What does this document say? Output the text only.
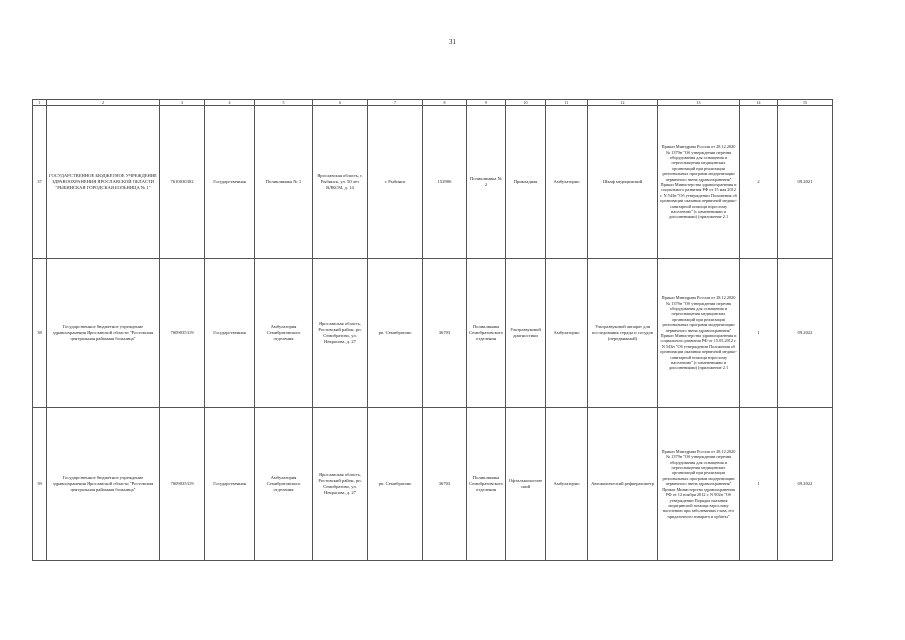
31
1	2	3	4	5	6	7	8	9	10	11	12	13	14	15
37	ГОСУДАРСТВЕННОЕ БЮДЖЕТНОЕ УЧРЕЖДЕНИЕ ЗДРАВООХРАНЕНИЯ ЯРОСЛАВСКОЙ ОБЛАСТИ "РЫБИНСКАЯ ГОРОДСКАЯ БОЛЬНИЦА № 1"	7610030302	Государственная	Поликлиника № 1	Ярославская область, г. Рыбинск, ул. 50 лет ВЛКСМ, д. 14	г. Рыбинск	152906	Поликлиника № 2	Прикладная	Амбулаторно	Шкаф медицинский	Приказ Минздрава России от 28.12.2020 № 1379н "Об утверждении перечня оборудования для оснащения и переоснащения медицинских организаций при реализации региональных программ модернизации первичного звена здравоохранения" Приказ Министерства здравоохранения и социального развития РФ от 15 мая 2012 г. N 543н "Об утверждении Положения об организации оказания первичной медико-санитарной помощи взрослому населению" (с изменениями и дополнениями) (приложение 2.1	2	09.2021
38	Государственное бюджетное учреждение здравоохранения Ярославской области "Ростовская центральная районная больница"	7609035319	Государственная	Амбулатория Семибратовского отделения	Ярославская область, Ростовский район, рп. Семибратово, ул. Некрасова, д. 27	рп. Семибратово	36703	Поликлиника Семибратовского отделения	Ультразвуковой диагностики	Амбулаторно	Ультразвуковой аппарат для исследования сердца и сосудов (передвижной)	Приказ Минздрава России от 28.12.2020 № 1379н "Об утверждении перечня оборудования для оснащения и переоснащения медицинских организаций при реализации региональных программ модернизации первичного звена здравоохранения" Приказ Министерства здравоохранения и социального развития РФ от 15.05.2012 г. N 543н "Об утверждении Положения об организации оказания первичной медико-санитарной помощи взрослому населению" (с изменениями и дополнениями) (приложение 2.1	1	09.2022
39	Государственное бюджетное учреждение здравоохранения Ярославской области "Ростовская центральная районная больница"	7609035319	Государственная	Амбулатория Семибратовского отделения	Ярославская область, Ростовский район, рп. Семибратово, ул. Некрасова, д. 27	рп. Семибратово	36703	Поликлиника Семибратовского отделения	Офтальмологический	Амбулаторно	Автоматический рефкератометр	Приказ Минздрава России от 28.12.2020 № 1379н "Об утверждении перечня оборудования для оснащения и переоснащения медицинских организаций при реализации региональных программ модернизации первичного звена здравоохранения" Приказ Министерства здравоохранения РФ от 12 ноября 2012 г. N 902н "Об утверждении Порядка оказания медицинской помощи взрослому населению при заболеваниях глаза, его придаточного аппарата и орбиты"	1	09.2022
